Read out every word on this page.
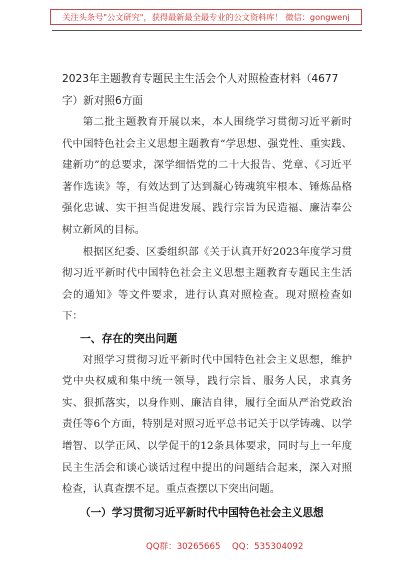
关注头条号"公文研究"，获得最新最全最专业的公文资料库！ 微信：gongwenj
2023年主题教育专题民主生活会个人对照检查材料（4677字）新对照6方面

第二批主题教育开展以来，本人围绕学习贯彻习近平新时代中国特色社会主义思想主题教育“学思想、强党性、重实践、建新功”的总要求，深学细悟党的二十大报告、党章、《习近平著作选读》等，有效达到了达到凝心铸魂筑牢根本、锤炼品格强化忠诚、实干担当促进发展、践行宗旨为民造福、廉洁奉公树立新风的目标。

根据区纪委、区委组织部《关于认真开好2023年度学习贯彻习近平新时代中国特色社会主义思想主题教育专题民主生活会的通知》等文件要求，进行认真对照检查。现对照检查如下：

一、存在的突出问题

对照学习贯彻习近平新时代中国特色社会主义思想，维护党中央权威和集中统一领导，践行宗旨、服务人民，求真务实、狠抓落实，以身作则、廉洁自律，履行全面从严治党政治责任等6个方面，特别是对照习近平总书记关于以学铸魂、以学增智、以学正风、以学促干的12条具体要求，同时与上一年度民主生活会和谈心谈话过程中提出的问题结合起来，深入对照检查，认真查摆不足。重点查摆以下突出问题。

（一）学习贯彻习近平新时代中国特色社会主义思想
QQ群：30265665 QQ：535304092
